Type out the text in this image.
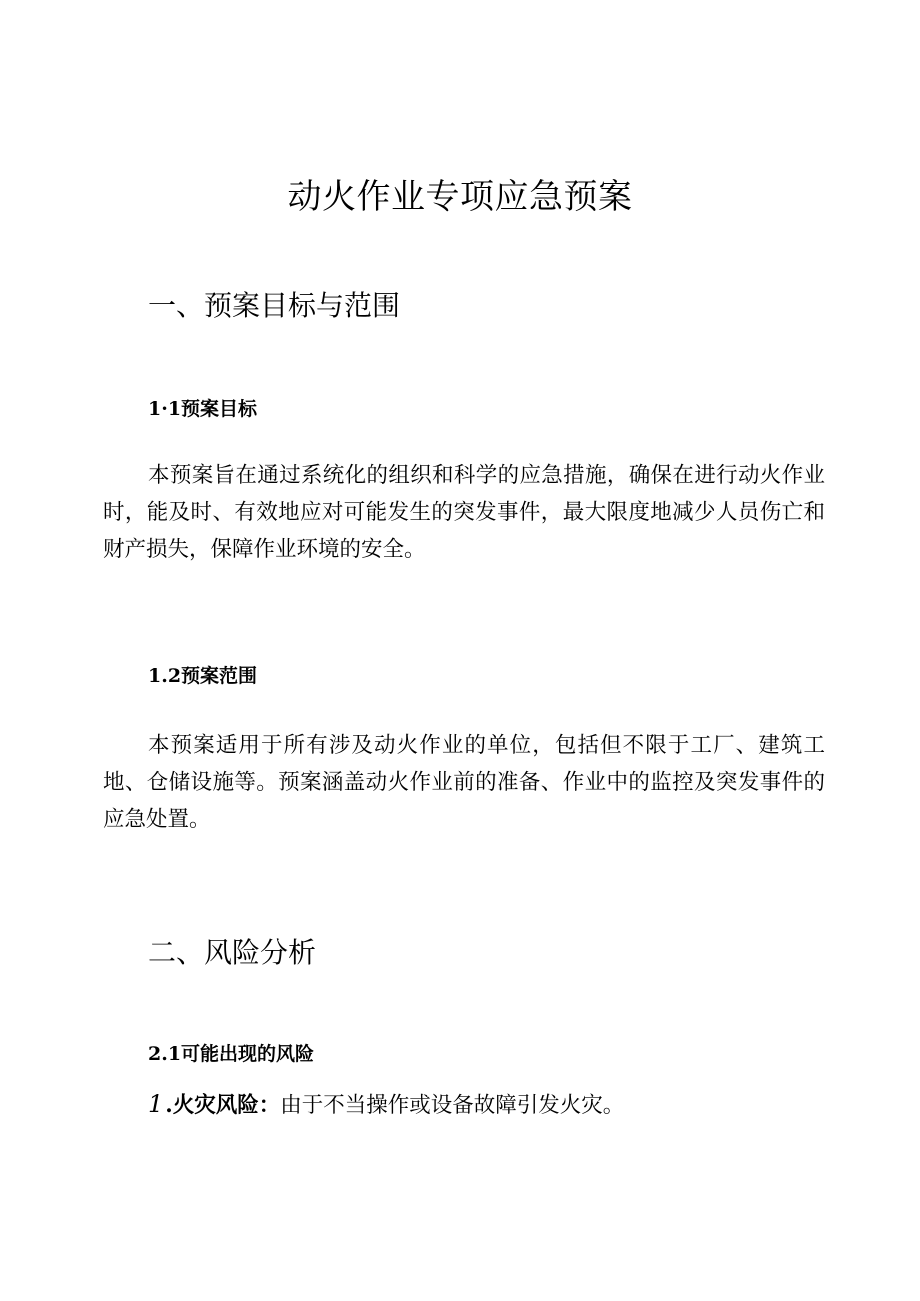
动火作业专项应急预案
一、预案目标与范围
1·1预案目标

本预案旨在通过系统化的组织和科学的应急措施，确保在进行动火作业时，能及时、有效地应对可能发生的突发事件，最大限度地减少人员伤亡和财产损失，保障作业环境的安全。

1.2预案范围

本预案适用于所有涉及动火作业的单位，包括但不限于工厂、建筑工地、仓储设施等。预案涵盖动火作业前的准备、作业中的监控及突发事件的应急处置。

二、风险分析
2.1可能出现的风险

1.火灾风险：由于不当操作或设备故障引发火灾。
